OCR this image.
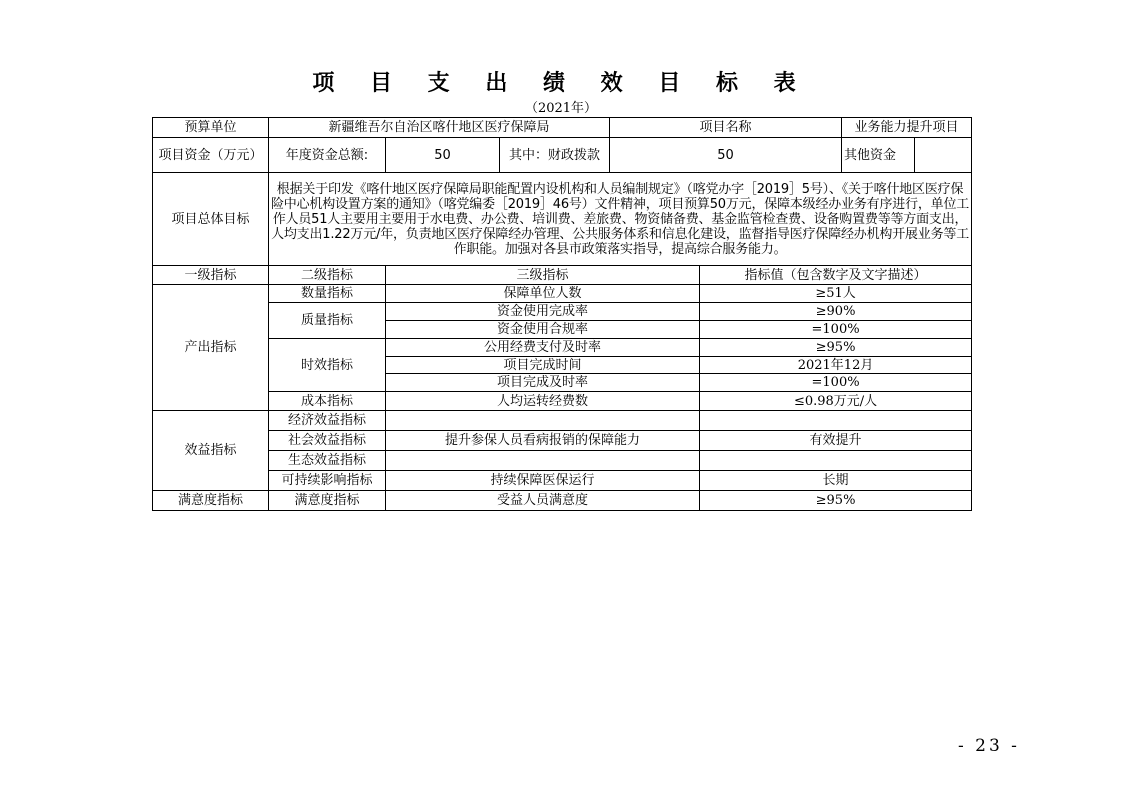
项 目 支 出 绩 效 目 标 表
（2021年）
预算单位	新疆维吾尔自治区喀什地区医疗保障局			项目名称		业务能力提升项目		
项目资金（万元）	年度资金总额:	50	其中：财政拨款	50		其他资金		
项目总体目标	根据关于印发《喀什地区医疗保障局职能配置内设机构和人员编制规定》（喀党办字［2019］5号）、《关于喀什地区医疗保险中心机构设置方案的通知》（喀党编委［2019］46号）文件精神，项目预算50万元，保障本级经办业务有序进行，单位工作人员51人主要用主要用于水电费、办公费、培训费、差旅费、物资储备费、基金监管检查费、设备购置费等等方面支出，人均支出1.22万元/年，负责地区医疗保障经办管理、公共服务体系和信息化建设，监督指导医疗保障经办机构开展业务等工作职能。加强对各县市政策落实指导，提高综合服务能力。							
一级指标	二级指标	三级指标			指标值（包含数字及文字描述）			
产出指标	数量指标	保障单位人数			≥51人			
	质量指标	资金使用完成率			≥90%			
		资金使用合规率			=100%			
	时效指标	公用经费支付及时率			≥95%			
		项目完成时间			2021年12月			
		项目完成及时率			=100%			
	成本指标	人均运转经费数			≤0.98万元/人			
效益指标	经济效益指标							
	社会效益指标	提升参保人员看病报销的保障能力			有效提升			
	生态效益指标							
	可持续影响指标	持续保障医保运行			长期			
满意度指标	满意度指标	受益人员满意度			≥95%			
- 23 -
